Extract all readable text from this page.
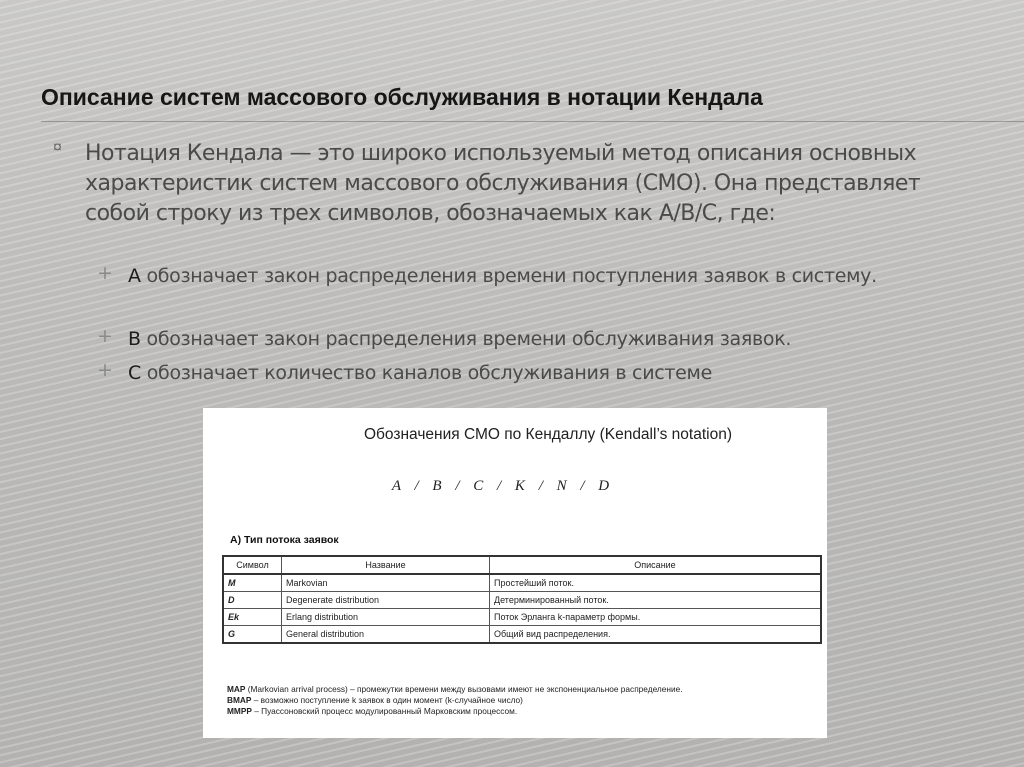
Описание систем массового обслуживания в нотации Кендала
¤ Нотация Кендала — это широко используемый метод описания основных характеристик систем массового обслуживания (СМО). Она представляет собой строку из трех символов, обозначаемых как A/B/C, где:
+ A обозначает закон распределения времени поступления заявок в систему.
+ B обозначает закон распределения времени обслуживания заявок.
+ C обозначает количество каналов обслуживания в системе
Обозначения СМО по Кендаллу (Kendall’s notation)
A / B / C / K / N / D
А) Тип потока заявок
Символ	Название	Описание
M	Markovian	Простейший поток.
D	Degenerate distribution	Детерминированный поток.
Ek	Erlang distribution	Поток Эрланга k-параметр формы.
G	General distribution	Общий вид распределения.
MAP (Markovian arrival process) – промежутки времени между вызовами имеют не экспоненциальное распределение.
BMAP – возможно поступление k заявок в один момент (k-случайное число)
MMPP – Пуассоновский процесс модулированный Марковским процессом.
